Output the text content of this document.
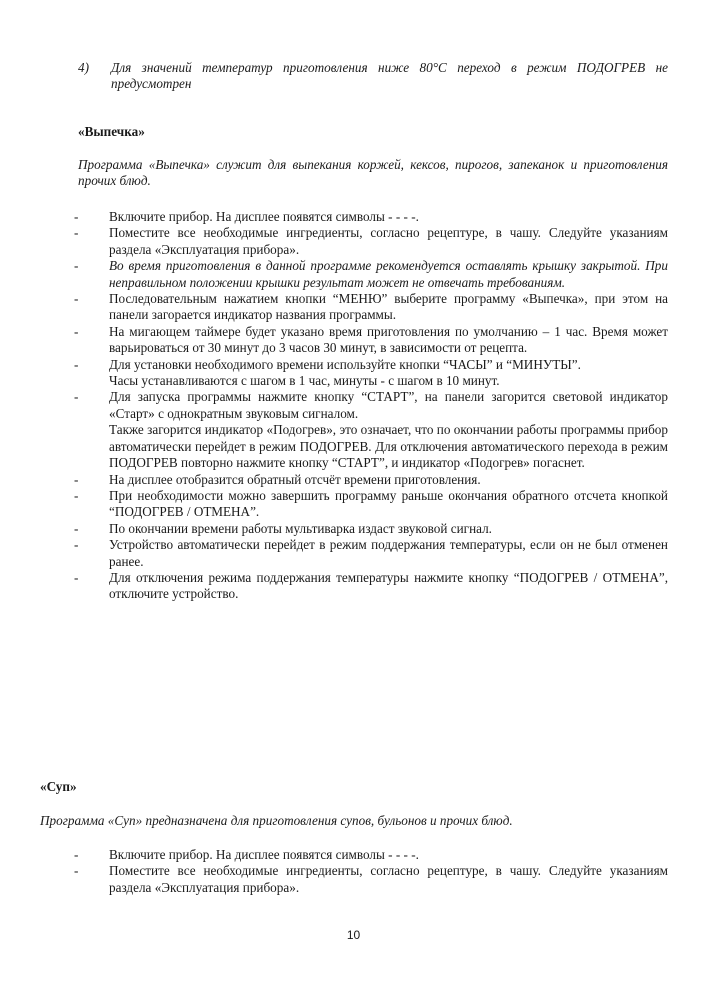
4)	Для значений температур приготовления ниже 80°С переход в режим ПОДОГРЕВ не предусмотрен
«Выпечка»
Программа «Выпечка» служит для выпекания коржей, кексов, пирогов, запеканок и приготовления прочих блюд.
- Включите прибор. На дисплее появятся символы - - - -.
- Поместите все необходимые ингредиенты, согласно рецептуре, в чашу. Следуйте указаниям раздела «Эксплуатация прибора».
- Во время приготовления в данной программе рекомендуется оставлять крышку закрытой. При неправильном положении крышки результат может не отвечать требованиям.
- Последовательным нажатием кнопки “МЕНЮ” выберите программу «Выпечка», при этом на панели загорается индикатор названия программы.
- На мигающем таймере будет указано время приготовления по умолчанию – 1 час. Время может варьироваться от 30 минут до 3 часов 30 минут, в зависимости от рецепта.
- Для установки необходимого времени используйте кнопки “ЧАСЫ” и “МИНУТЫ”.
Часы устанавливаются с шагом в 1 час, минуты - с шагом в 10 минут.
- Для запуска программы нажмите кнопку “СТАРТ”, на панели загорится световой индикатор «Старт» с однократным звуковым сигналом.
Также загорится индикатор «Подогрев», это означает, что по окончании работы программы прибор автоматически перейдет в режим ПОДОГРЕВ. Для отключения автоматического перехода в режим ПОДОГРЕВ повторно нажмите кнопку “СТАРТ”, и индикатор «Подогрев» погаснет.
- На дисплее отобразится обратный отсчёт времени приготовления.
- При необходимости можно завершить программу раньше окончания обратного отсчета кнопкой “ПОДОГРЕВ / ОТМЕНА”.
- По окончании времени работы мультиварка издаст звуковой сигнал.
- Устройство автоматически перейдет в режим поддержания температуры, если он не был отменен ранее.
- Для отключения режима поддержания температуры нажмите кнопку “ПОДОГРЕВ / ОТМЕНА”, отключите устройство.
«Суп»
Программа «Суп» предназначена для приготовления супов, бульонов и прочих блюд.
- Включите прибор. На дисплее появятся символы - - - -.
- Поместите все необходимые ингредиенты, согласно рецептуре, в чашу. Следуйте указаниям раздела «Эксплуатация прибора».
10
